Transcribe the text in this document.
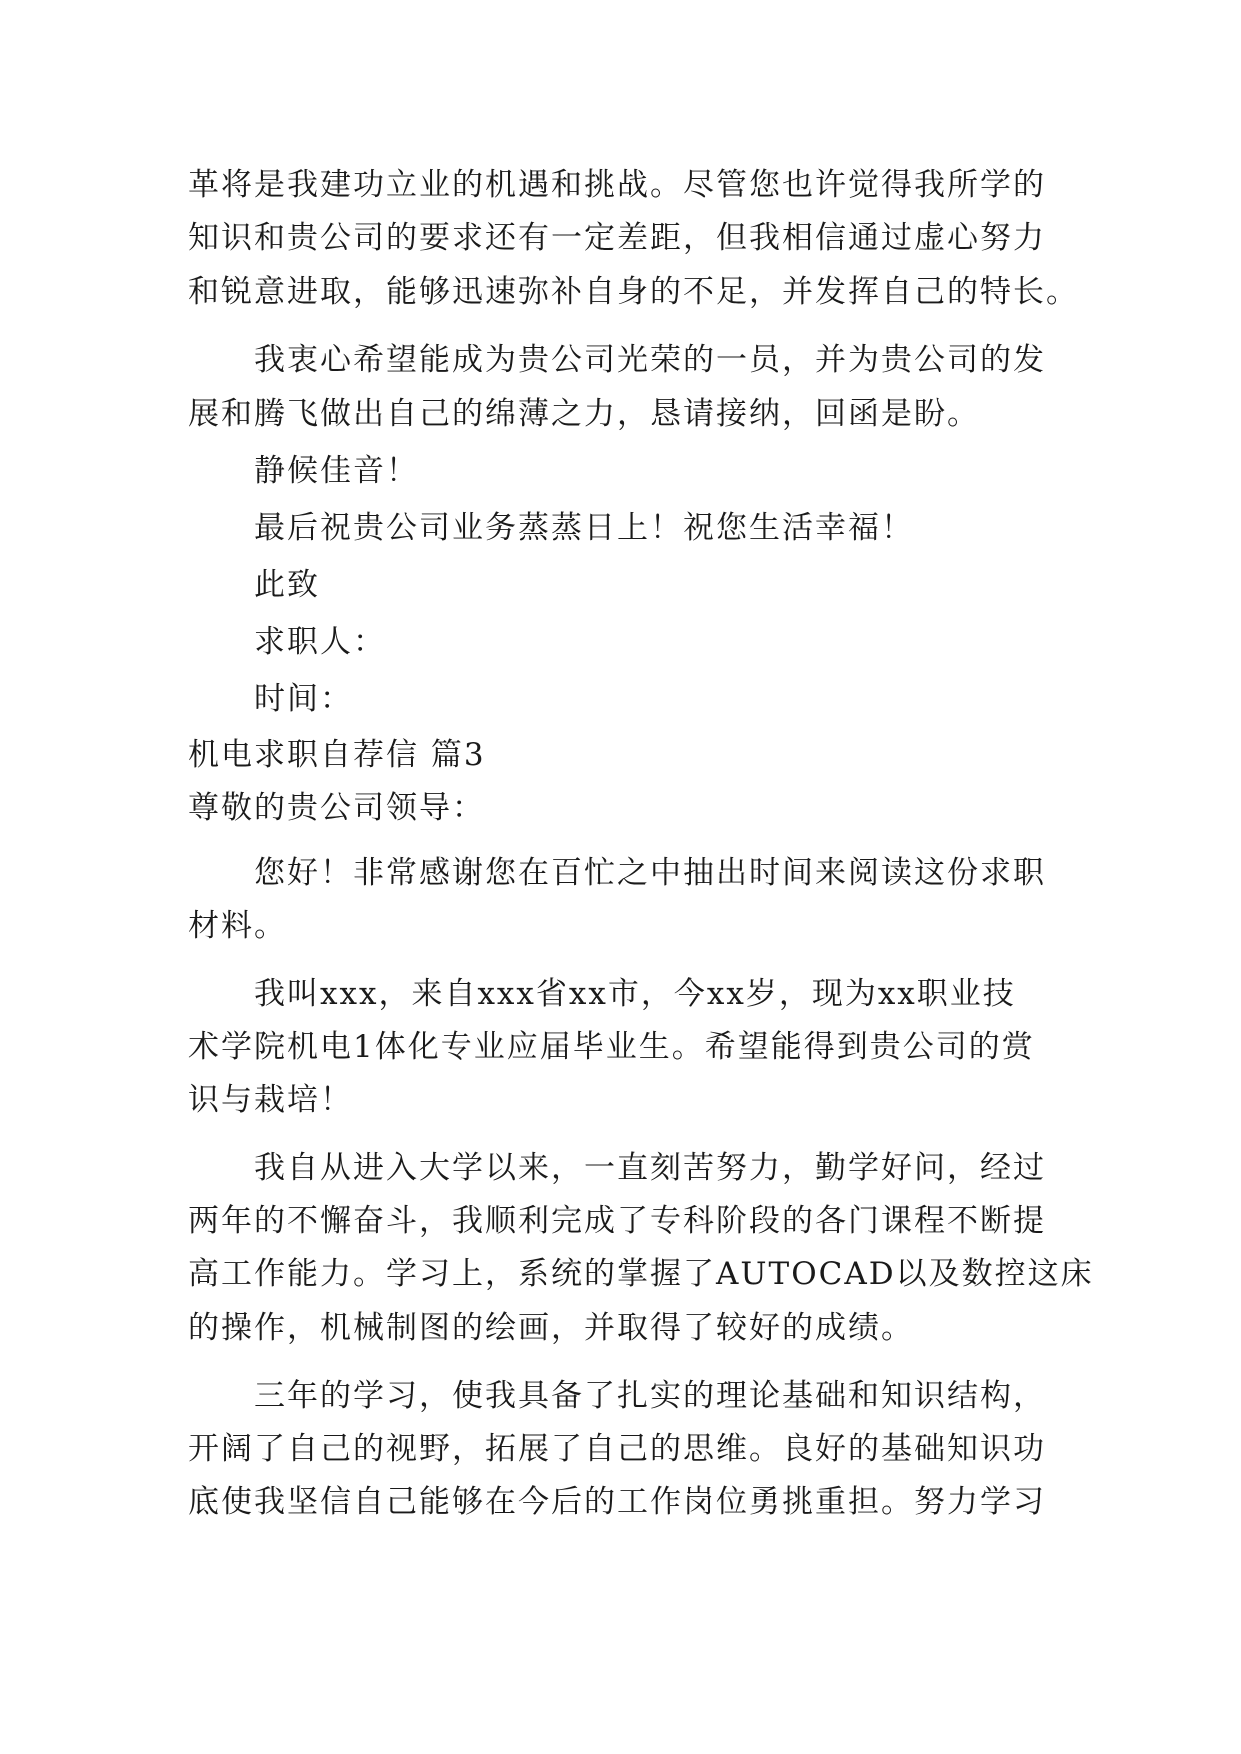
革将是我建功立业的机遇和挑战。尽管您也许觉得我所学的
知识和贵公司的要求还有一定差距，但我相信通过虚心努力
和锐意进取，能够迅速弥补自身的不足，并发挥自己的特长。
我衷心希望能成为贵公司光荣的一员，并为贵公司的发
展和腾飞做出自己的绵薄之力，恳请接纳，回函是盼。
静候佳音！
最后祝贵公司业务蒸蒸日上！祝您生活幸福！
此致
求职人：
时间：
机电求职自荐信 篇3
尊敬的贵公司领导：
您好！非常感谢您在百忙之中抽出时间来阅读这份求职
材料。
我叫xxx，来自xxx省xx市，今xx岁，现为xx职业技
术学院机电1体化专业应届毕业生。希望能得到贵公司的赏
识与栽培！
我自从进入大学以来，一直刻苦努力，勤学好问，经过
两年的不懈奋斗，我顺利完成了专科阶段的各门课程不断提
高工作能力。学习上，系统的掌握了AUTOCAD以及数控这床
的操作，机械制图的绘画，并取得了较好的成绩。
三年的学习，使我具备了扎实的理论基础和知识结构，
开阔了自己的视野，拓展了自己的思维。良好的基础知识功
底使我坚信自己能够在今后的工作岗位勇挑重担。努力学习
